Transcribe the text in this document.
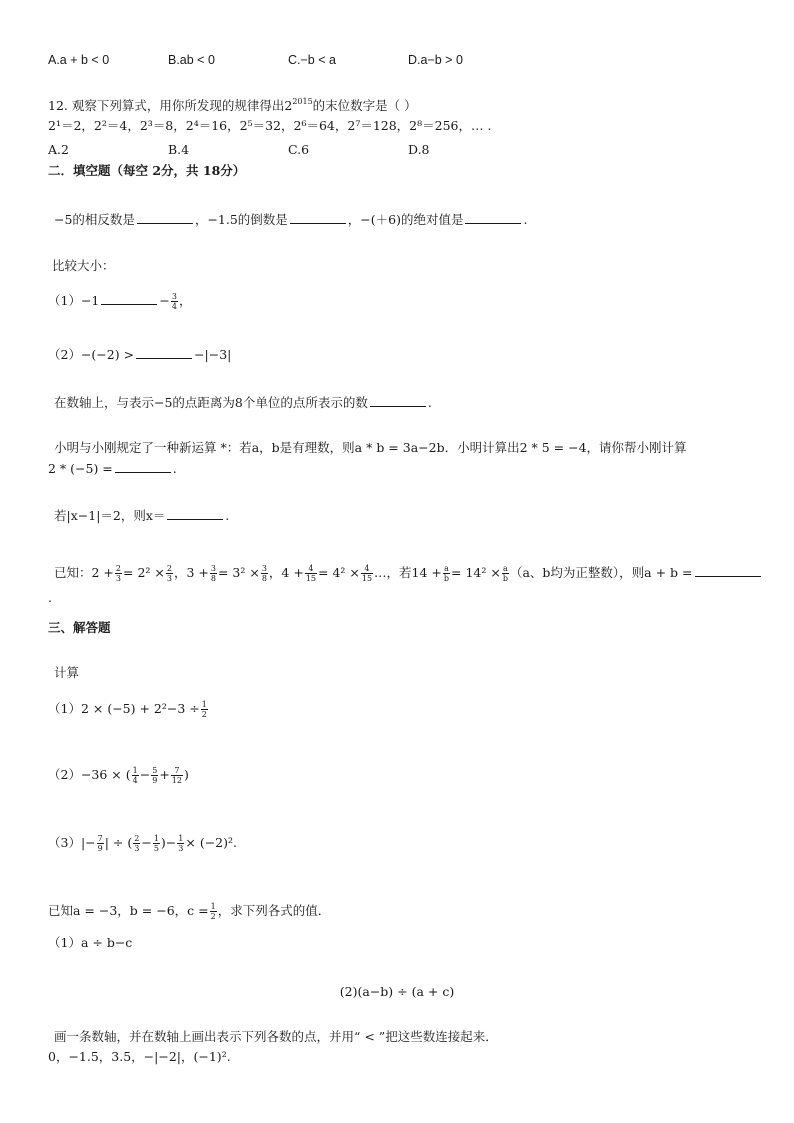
A.a + b < 0	B.ab < 0	C.−b < a	D.a−b > 0
12. 观察下列算式，用你所发现的规律得出$2^{2015}$的末位数字是（ ）
2¹＝2，2²＝4，2³＝8，2⁴＝16，2⁵＝32，2⁶＝64，2⁷＝128，2⁸＝256，… .
A.2	B.4	C.6	D.8
二．填空题（每空 2分，共 18分）
−5的相反数是	，−1.5的倒数是	，−(＋6)的绝对值是	.
比较大小：
（1）−1	− $\frac{3}{4}$ ，
（2）−(−2) >	−|−3|
在数轴上，与表示−5的点距离为8个单位的点所表示的数	.
小明与小刚规定了一种新运算 *：若a，b是有理数，则a * b = 3a−2b．小明计算出2 * 5 = −4，请你帮小刚计算
2 * (−5) =	.
若|x−1|＝2，则x＝	.
已知：$2 + \frac{2}{3} = 2^2 \times \frac{2}{3}$ ，$3 + \frac{3}{8} = 3^2 \times \frac{3}{8}$ ，$4 + \frac{4}{15} = 4^2 \times \frac{4}{15}$ …，若$14 + \frac{a}{b} = 14^2 \times \frac{a}{b} (a$、b均为正整数），则a + b =
.
三、解答题
计算
$(1)2 \times (-5) + 2^2-3 \div \frac{1}{2}$
（2）−36 × ( $\frac{1}{4} - \frac{5}{9} + \frac{7}{12}$ )
$(3)|- \frac{7}{9}$ | ÷ ( $\frac{2}{3} - \frac{1}{5}$ )− $\frac{1}{3} \times (-2)^2$.
已知a = −3，b = −6，$c = \frac{1}{2}$ ，求下列各式的值．
（1）a ÷ b−c
(2)(a−b) ÷ (a + c)
画一条数轴，并在数轴上画出表示下列各数的点，并用“ < ”把这些数连接起来．
0，−1.5，3.5，−|−2|，(−1)².
